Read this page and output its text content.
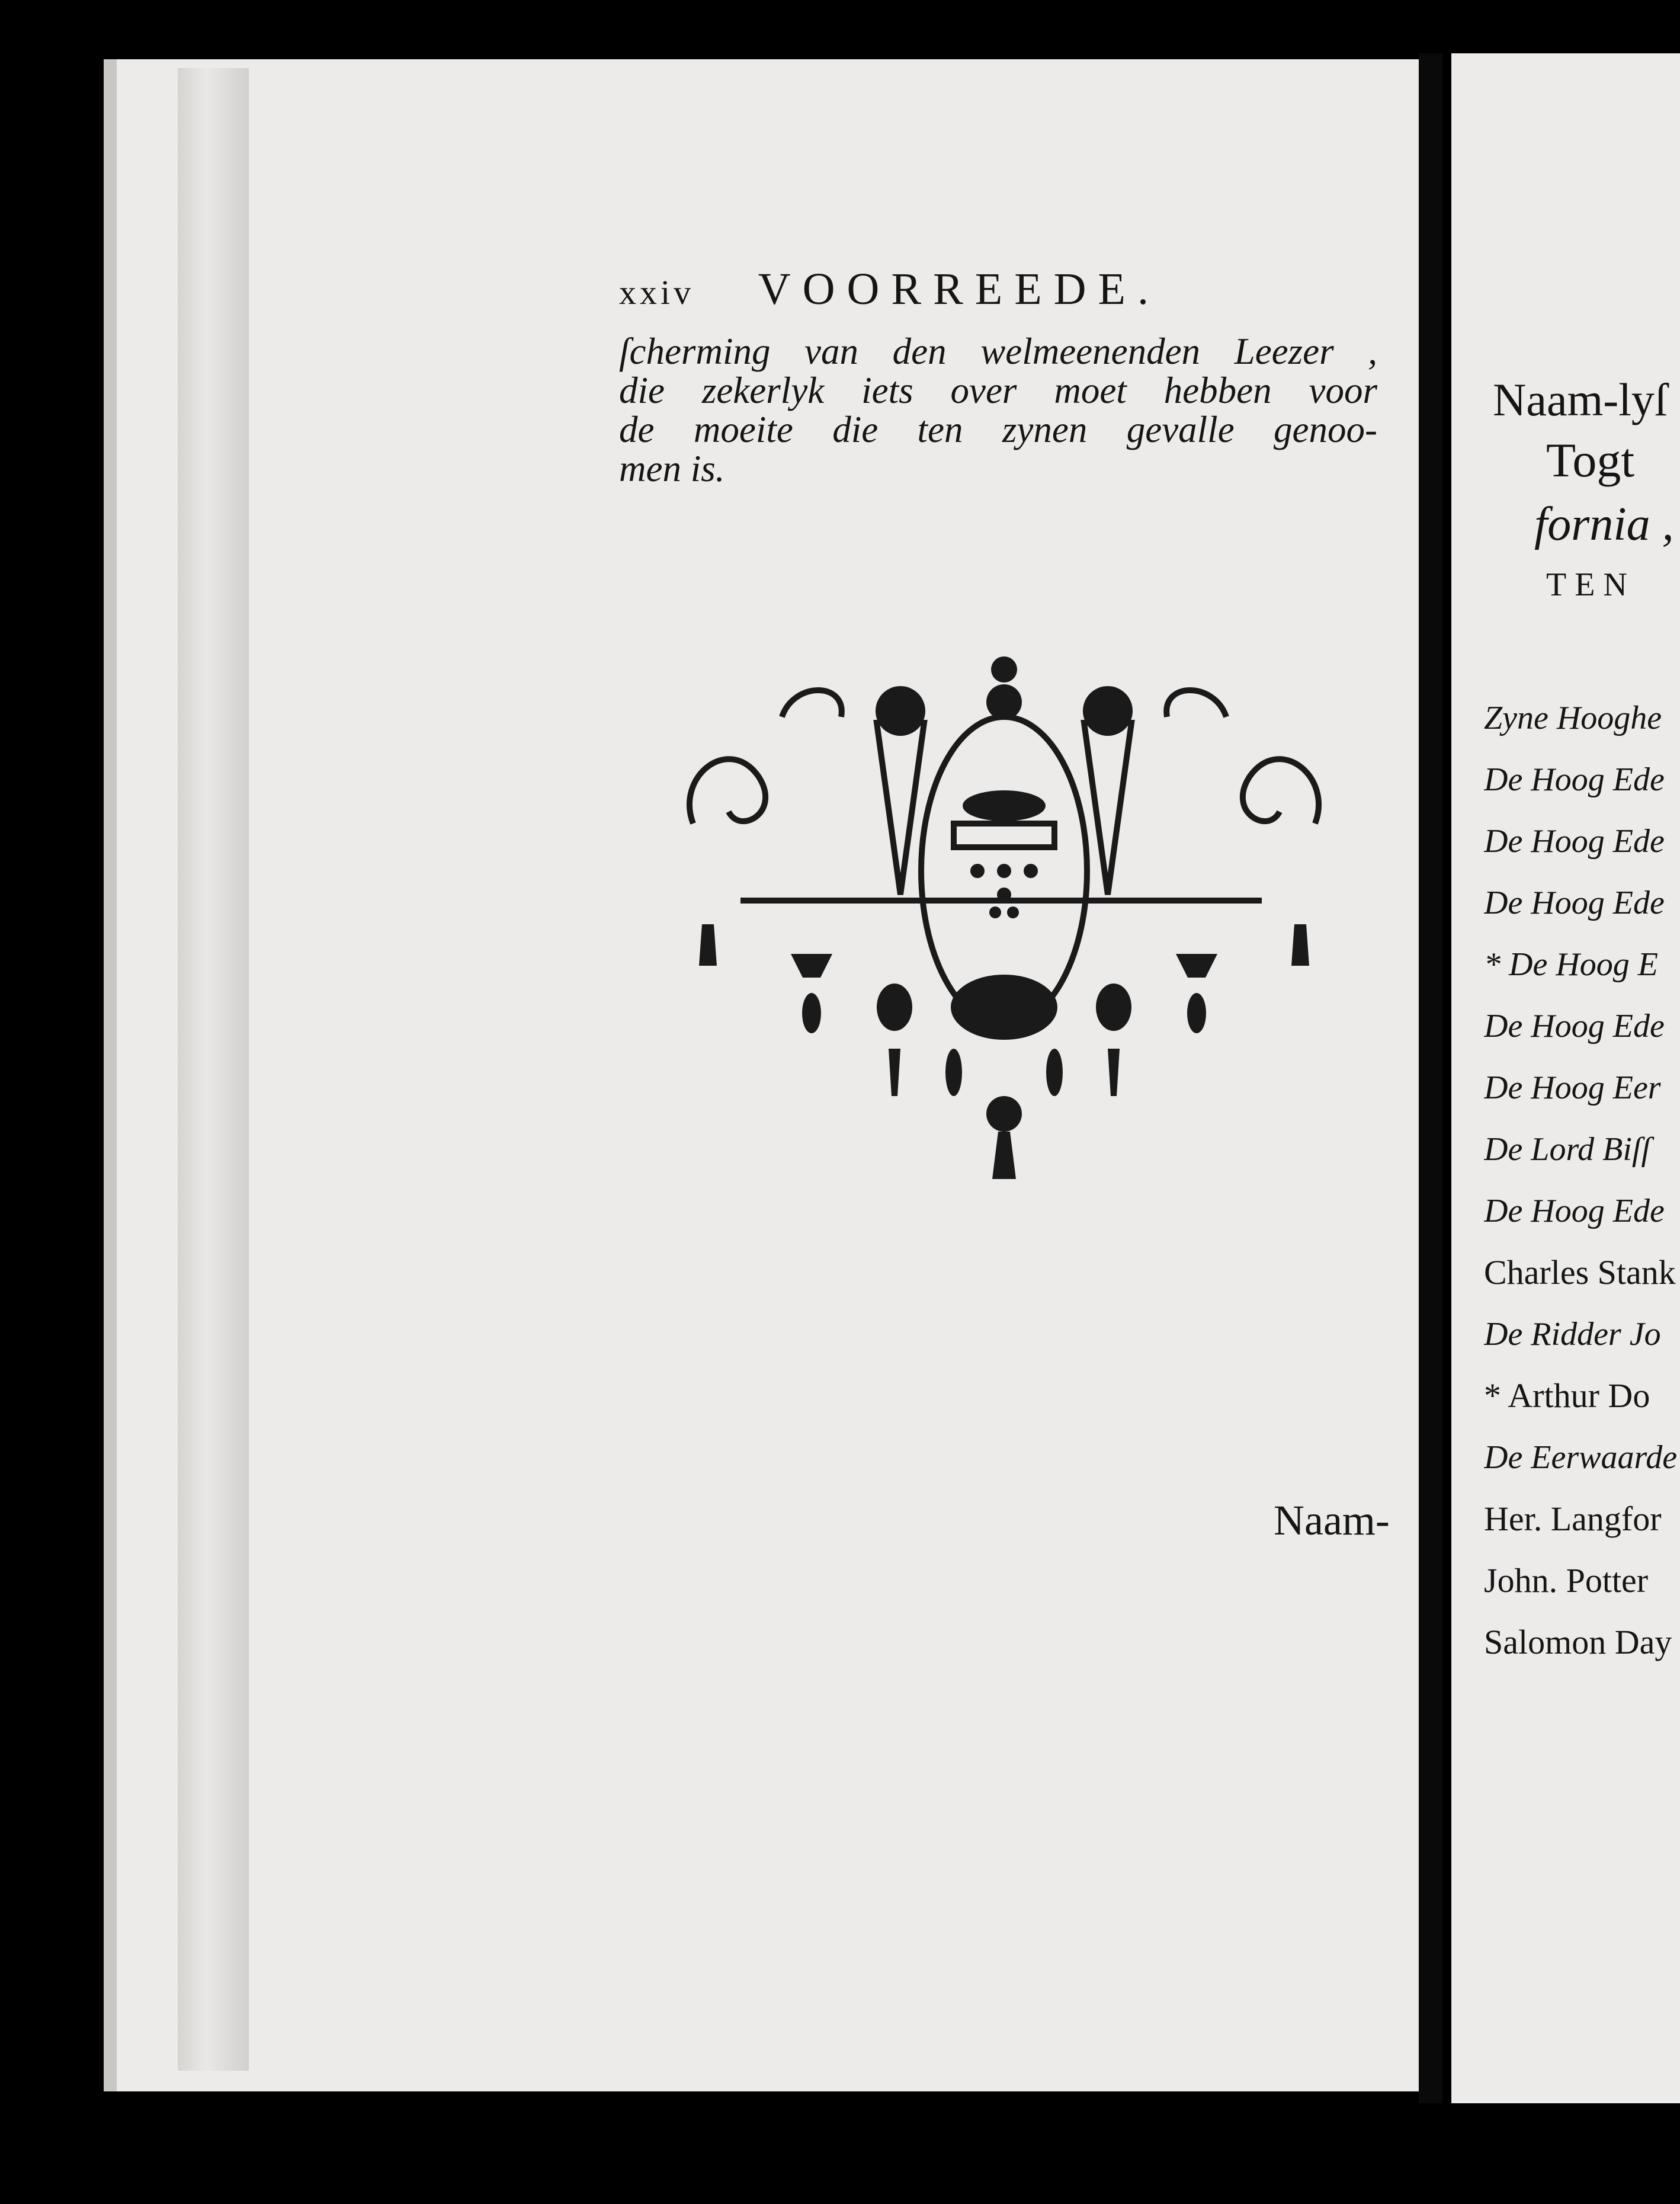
xxiv VOORREEDE.
ſcherming van den welmeenenden Leezer ,
die zekerlyk iets over moet hebben voor
de moeite die ten zynen gevalle genoo-
men is.
Naam-
Naam-lyſ
Togt
fornia ,
TEN
Zyne Hooghe
De Hoog Ede
De Hoog Ede
De Hoog Ede
* De Hoog E
De Hoog Ede
De Hoog Eer
De Lord Biſſ
De Hoog Ede
Charles Stank
De Ridder Jo
* Arthur Do
De Eerwaarde
Her. Langfor
John. Potter
Salomon Day
